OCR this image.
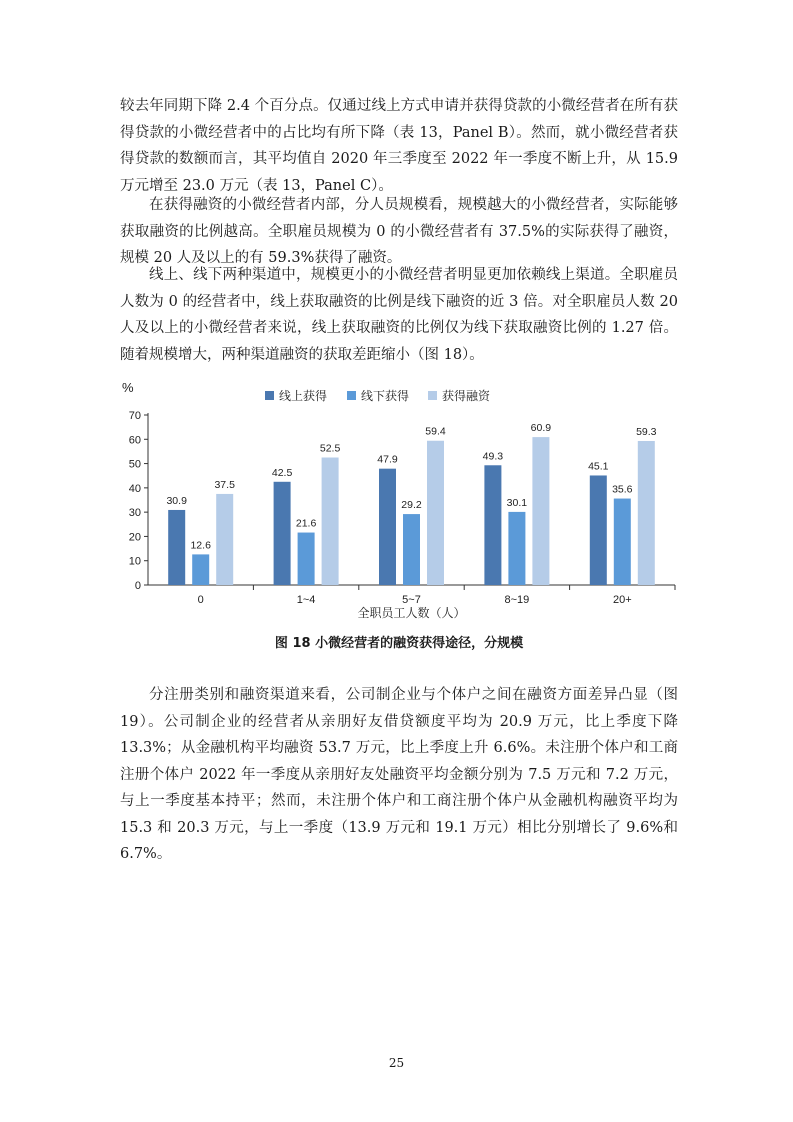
较去年同期下降 2.4 个百分点。仅通过线上方式申请并获得贷款的小微经营者在所有获得贷款的小微经营者中的占比均有所下降（表 13，Panel B）。然而，就小微经营者获得贷款的数额而言，其平均值自 2020 年三季度至 2022 年一季度不断上升，从 15.9 万元增至 23.0 万元（表 13，Panel C）。

在获得融资的小微经营者内部，分人员规模看，规模越大的小微经营者，实际能够获取融资的比例越高。全职雇员规模为 0 的小微经营者有 37.5%的实际获得了融资，规模 20 人及以上的有 59.3%获得了融资。

线上、线下两种渠道中，规模更小的小微经营者明显更加依赖线上渠道。全职雇员人数为 0 的经营者中，线上获取融资的比例是线下融资的近 3 倍。对全职雇员人数 20 人及以上的小微经营者来说，线上获取融资的比例仅为线下获取融资比例的 1.27 倍。随着规模增大，两种渠道融资的获取差距缩小（图 18）。

%
线上获得	线下获得	获得融资
0
10
20
30
40
50
60
70
0
30.9
12.6
37.5
1~4
42.5
21.6
52.5
5~7
47.9
29.2
59.4
8~19
49.3
30.1
60.9
20+
45.1
35.6
59.3
全职员工人数（人）

图 18 小微经营者的融资获得途径，分规模

分注册类别和融资渠道来看，公司制企业与个体户之间在融资方面差异凸显（图 19）。公司制企业的经营者从亲朋好友借贷额度平均为 20.9 万元，比上季度下降 13.3%；从金融机构平均融资 53.7 万元，比上季度上升 6.6%。未注册个体户和工商注册个体户 2022 年一季度从亲朋好友处融资平均金额分别为 7.5 万元和 7.2 万元，与上一季度基本持平；然而，未注册个体户和工商注册个体户从金融机构融资平均为 15.3 和 20.3 万元，与上一季度（13.9 万元和 19.1 万元）相比分别增长了 9.6%和 6.7%。

25
